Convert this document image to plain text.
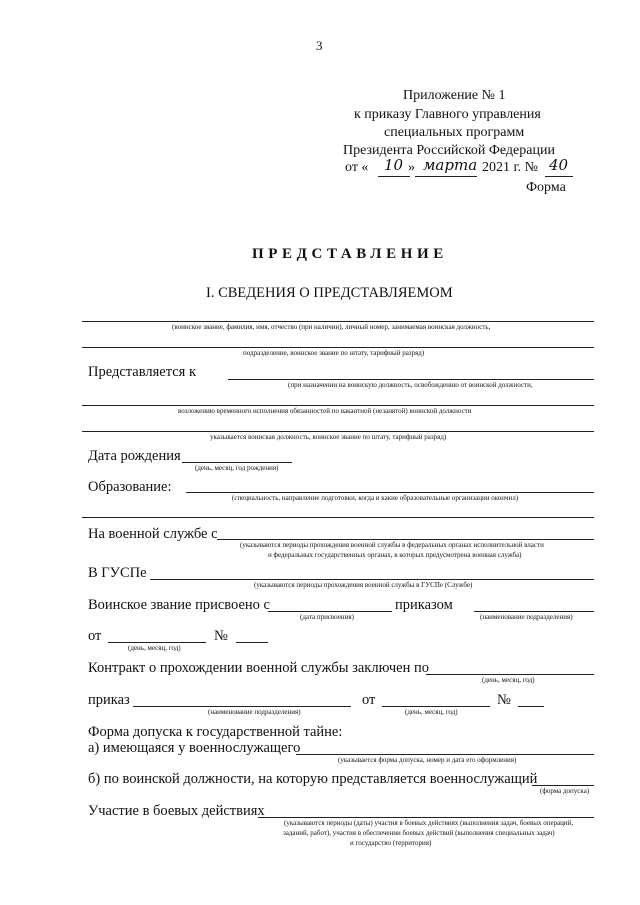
3
Приложение № 1
к приказу Главного управления
специальных программ
Президента Российской Федерации
от « 10 » марта 2021 г. № 40
Форма
ПРЕДСТАВЛЕНИЕ
I. СВЕДЕНИЯ О ПРЕДСТАВЛЯЕМОМ
(воинское звание, фамилия, имя, отчество (при наличии), личный номер, занимаемая воинская должность,
подразделение, воинское звание по штату, тарифный разряд)
Представляется к
(при назначении на воинскую должность, освобождению от воинской должности,
возложению временного исполнения обязанностей по вакантной (незанятой) воинской должности
указывается воинская должность, воинское звание по штату, тарифный разряд)
Дата рождения
(день, месяц, год рождения)
Образование:
(специальность, направление подготовки, когда и какие образовательные организации окончил)
На военной службе с
(указываются периоды прохождения военной службы в федеральных органах исполнительной власти
и федеральных государственных органах, в которых предусмотрена военная служба)
В ГУСПе
(указываются периоды прохождения военной службы в ГУСПе (Службе)
Воинское звание присвоено с
(дата присвоения)
приказом
(наименование подразделения)
от
(день, месяц, год)
№
Контракт о прохождении военной службы заключен по
(день, месяц, год)
приказ
(наименование подразделения)
от
(день, месяц, год)
№
Форма допуска к государственной тайне:
а) имеющаяся у военнослужащего
(указывается форма допуска, номер и дата его оформления)
б) по воинской должности, на которую представляется военнослужащий
(форма допуска)
Участие в боевых действиях
(указываются периоды (даты) участия в боевых действиях (выполнения задач, боевых операций,
заданий, работ), участия в обеспечении боевых действий (выполнения специальных задач)
и государство (территория)
